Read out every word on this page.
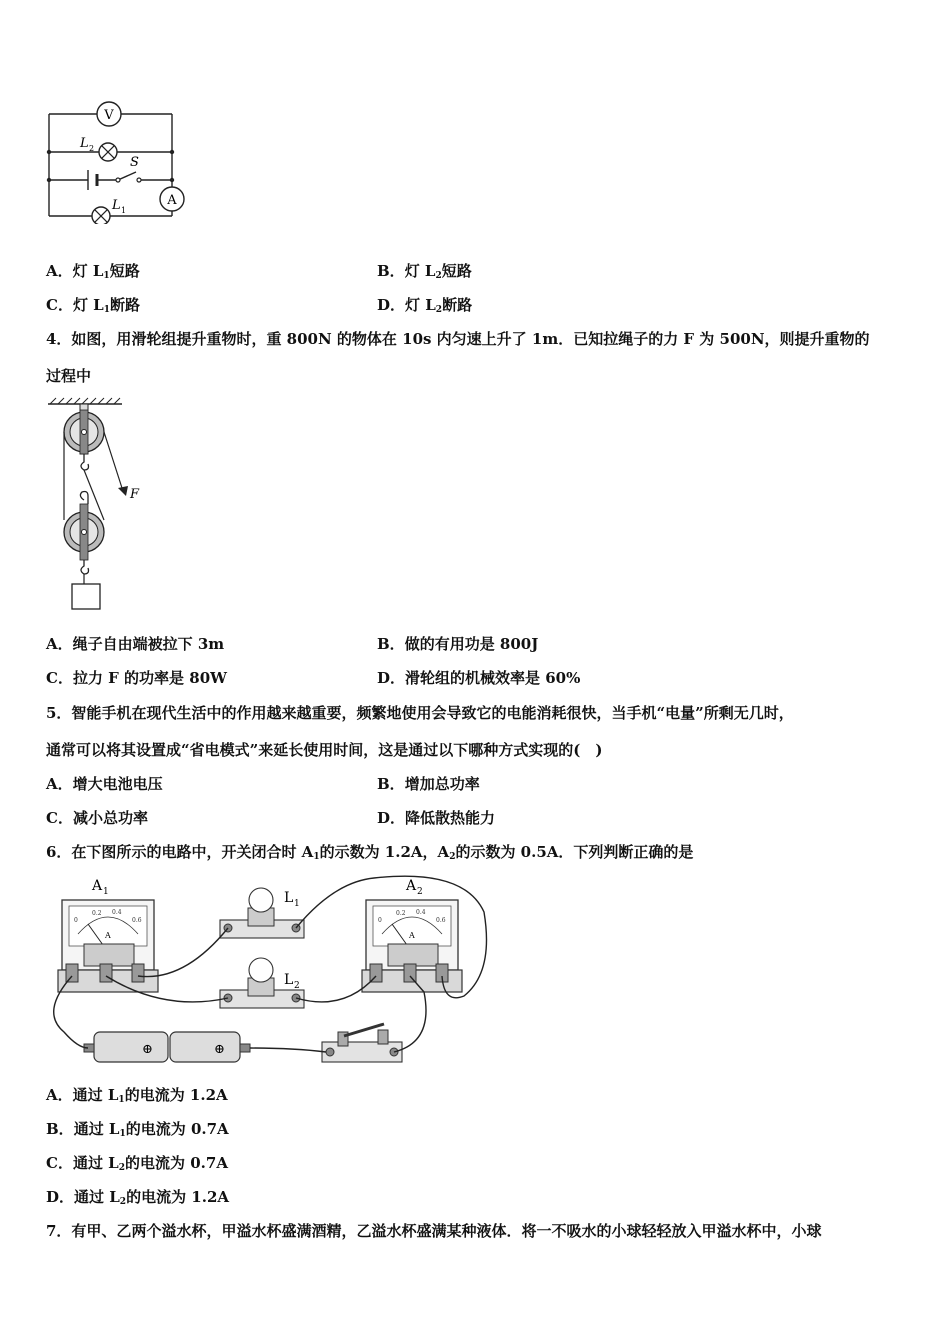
V
L 2
S
L 1
A
A．灯 $L_1$短路	B．灯 $L_2$短路
C．灯 $L_1$断路	D．灯 $L_2$断路
4．如图，用滑轮组提升重物时，重 800N 的物体在 10s 内匀速上升了 1m．已知拉绳子的力 F 为 500N，则提升重物的
过程中
F
A．绳子自由端被拉下 3m	B．做的有用功是 800J
C．拉力 F 的功率是 80W	D．滑轮组的机械效率是 60%
5．智能手机在现代生活中的作用越来越重要，频繁地使用会导致它的电能消耗很快，当手机“电量”所剩无几时，
通常可以将其设置成“省电模式”来延长使用时间，这是通过以下哪种方式实现的(　)
A．增大电池电压	B．增加总功率
C．减小总功率	D．降低散热能力
6．在下图所示的电路中，开关闭合时 $A_1$的示数为 1.2A，$A_2$的示数为 0.5A．下列判断正确的是
A 1
0
0.2 0.4
0.6
A
L 1
L 2
A 2
0
0.2 0.4
0.6
A
⊕	⊕
A．通过 $L_1$的电流为 1.2A
B．通过 $L_1$的电流为 0.7A
C．通过 $L_2$的电流为 0.7A
D．通过 $L_2$的电流为 1.2A
7．有甲、乙两个溢水杯，甲溢水杯盛满酒精，乙溢水杯盛满某种液体．将一不吸水的小球轻轻放入甲溢水杯中，小球
